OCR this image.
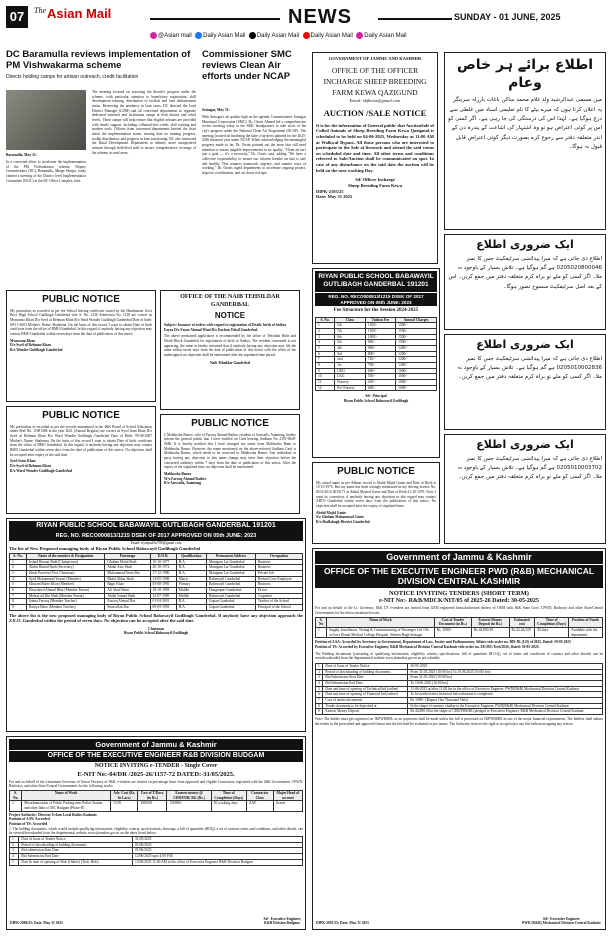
07	The Asian Mail	NEWS	SUNDAY - 01 JUNE, 2025
@Asian mail Daily Asian Mail Daily Asian Mail Daily Asian Mail Daily Asian Mail
DC Baramulla reviews implementation of PM Vishwakarma scheme
Directs holding camps for artisan outreach, credit facilitation
Baramulla, May 31:
In a concerted effort to accelerate the implementation of the PM Vishwakarma scheme, Deputy Commissioner (DC), Baramulla, Minga Sherpa, today chaired a meeting of the District level Implementation Committee (DLIC) at the DC Office Complex, here.
The meeting focused on assessing the district's progress under the scheme, with particular attention to beneficiary registration, skill development training, distribution of toolkits and loan disbursement status. Reviewing the pendency in loan cases, DC directed the Lead District Manager (LDM) and all concerned departments to organize dedicated outreach and facilitation camps at both district and tehsil levels. These camps will help ensure that eligible artisans are provided with timely support, including collateral-free credit, skill training and modern tools. Officers from concerned departments briefed the chair about the implementation status, sharing data on training progress, toolkit distribution, and progress in loan sanctioning. DC also instructed the Rural Development Department to identify more unregistered artisans through field-level staff to ensure comprehensive coverage of the scheme in rural areas.
Commissioner SMC reviews Clean Air efforts under NCAP
Srinagar, May 31:
With Srinagar's air quality high on the agenda, Commissioner, Srinagar Municipal Corporation (SMC), Dr. Owais Ahmed led a comprehensive review meeting today at the SMC headquarters to take stock of the city's progress under the National Clean Air Programme (NCAP). The meeting focused on finalizing the slate of projects planned for the 2025-2026 financial year under NCAP. While acknowledging the meaningful progress made so far, Dr. Owais pointed out the areas that still need attention to ensure tangible improvements in air quality. "Clean air isn't just a goal — it's a necessity," Dr. Owais said, adding "We have a collective responsibility to ensure our citizens breathe air that is safe and healthy. This requires teamwork, urgency, and smarter ways of working." Dr. Owais urged departments to accelerate ongoing project, improve coordination, and cut down red tape.
GOVERNMENT OF JAMMU AND KASHMIR
OFFICE OF THE OFFICER INCHARGE SHEEP BREEDING FARM KEWA QAZIGUND
Email: sbfkewa@gmail.com
AUCTION /SALE NOTICE
It is for the information of General public that AuctionSale of Culled Animals of Sheep Breeding Farm Kewa Qazigund is scheduled to be held on 04-06-2025, Wednesday at 11:00 AM at Walkwal Bypass. All those persons who are interested to participate in the Sale of livestock and attend the said venue on scheduled date and time. All other terms and conditions referred to Sale/Auction shall be communicated on spot. In case of any disturbance on the said date the auction will be held on the next working Day.
Sd/ Officer Incharge
Sheep Breeding Farm Kewa
DIPK-2103/25
Date: May 31 2025
اطلاع برائے ہر خاص وعام
میں مسمی عبدالرشید ولد غلام محمد ساکن باغات بارزلہ سرینگر یہ اعلان کرتا ہوں کہ میرے بیٹے کا نام تعلیمی اسناد میں غلطی سے درج ہوگیا ہے۔ لہٰذا اس کی درستگی کی جا رہی ہے۔ اگر کسی کو اس پر کوئی اعتراض ہو تو وہ اشتہار کی اشاعت کے پندرہ دن کے اندر متعلقہ دفتر سے رجوع کرے بصورت دیگر کوئی اعتراض قابل قبول نہ ہوگا۔
ایک ضروری اطلاع
اطلاع دی جاتی ہے کہ میرا پیدائشی سرٹیفکیٹ جس کا نمبر 0205020800046 ہے گم ہوگیا ہے۔ تلاش بسیار کے باوجود نہ ملا۔ اگر کسی کو ملے تو براہ کرم متعلقہ دفتر میں جمع کریں۔ اس کے بعد اصل سرٹیفکیٹ منسوخ تصور ہوگا۔
ایک ضروری اطلاع
اطلاع دی جاتی ہے کہ میرا پیدائشی سرٹیفکیٹ جس کا نمبر 0205010002836 ہے گم ہوگیا ہے۔ تلاش بسیار کے باوجود نہ ملا۔ اگر کسی کو ملے تو براہ کرم متعلقہ دفتر میں جمع کریں۔
ایک ضروری اطلاع
اطلاع دی جاتی ہے کہ میرا پیدائشی سرٹیفکیٹ جس کا نمبر 0205010003702 ہے گم ہوگیا ہے۔ تلاش بسیار کے باوجود نہ ملا۔ اگر کسی کو ملے تو براہ کرم متعلقہ دفتر میں جمع کریں۔
PUBLIC NOTICE
My particulars as recorded as per the School leaving certificate issued by the Headmaster Govt Boys High School Gutlibagh Ganderbal vide S. No. 1236 Admission No. 1128 are correct as Mymoona Khan D/o Syed ul Rehman Khan R/o Ward Wonder Gutlibagh Ganderbal Date of birth: 08-11-2003 Mother's Name: Shaheena. On the basis of this record I want to obtain Date of birth certificate from the office of BMO Ganderbal. In this regard, if anybody having any objection may contact BMO Ganderbal within seven days from the date of publication of this notice.
Mymoona Khan
D/o Syed ul Rehman Khan
R/o Wonder Gutlibagh Ganderbal
PUBLIC NOTICE
My particulars as recorded as per the records maintained in the J&K Board of School Education under Roll No. 11081386 in the year 2021 (Annual Regular) are correct as Syed Iram Khan D/o Syed ul Rehman Khan R/o Ward Wonder Gutlibagh Ganderbal Date of Birth: 09-08-2007 Mother's Name: Shaheena. On the basis of this record I want to obtain Date of birth certificate from the office of BMO Ganderbal. In this regard, if anybody having any objection may contact BMO Ganderbal within seven days from the date of publication of this notice. No objection shall be accepted after expiry of the said date.
Syed Iram Khan
D/o Syed ul Rehman Khan
R/o Ward Wonder Gutlibagh Ganderbal
OFFICE OF THE NAIB TEHSILDAR GANDERBAL
NOTICE
Subject: Issuance of orders with regard to registration of Death/ birth of Sadiya Fayaz D/o Fayaz Ahmad Wani R/o Kachan Tehsil Ganderbal.
The above mentioned application is recommended by the office of Tehsildar Birth and Death Block Ganderbal for registration of birth of Sadiya. The resident concerned is not appearing, the same in hereby informed that if anybody having any objection may file the same within seven days from the date of publication of this notice with the office of the undersigned, no objection shall be entertained after the stipulated time period.
Naib Tehsildar Ganderbal
PUBLIC NOTICE
I, Mahbooba Banoo, wife of Farooq Ahmad Rather, resident of Aarwalla, Anantnag, hereby inform the general public that I have entitled on Card bearing Aadhaar No 2391-9629-9286. It is hereby notified that I have changed my name from Mahbooba Bano to Mahbooba Banoo. However, the name mentioned on the above-referred Aadhaar Card is Mahbooba Banoo, which needs to be corrected to Mahbooba Banoo. Any individual or party having any objection to this name change may raise their objection before the concerned authority within 7 days from the date of publication of this notice. After the expiry of the stipulated time, no objection shall be entertained.
Mahbooba Banoo
W/o Farooq Ahmad Rather
R/o Aarwalla, Anantnag
RIYAN PUBLIC SCHOOL BABAWAYIL GUTLIBAGH GANDERBAL 191201
REG. NO. RECO000813/1215 DSEK OF 2017 APPROVED ON 05th JUNE: 2023
Fee Structure for the Session 2024-2025
S. No.	Class	Tuition Fee	Annual Charges
1	5th	1100/-	1500/-
2	7th	1100/-	1500/-
3	6th	1000/-	1500/-
4	5th	900/-	1500/-
5	4th	900/-	1200/-
6	3rd	800/-	1200/-
7	2nd	720/-	1200/-
8	1st	700/-	1200/-
9	UKG	600/-	1000/-
10	LKG	550/-	1000/-
11	Nursery	450/-	1000/-
12	Pre-Nursery	400/-	1000/-
Sd/- Principal
Riyan Public School Babawayil Gutlibagh
PUBLIC NOTICE
My actual name as per Adhaar record is Abdul Majid Ganie and Date of Birth is 15-10-1976. But my name has been wrongly mentioned in my driving licence No. JK16 2012 0015171 as Abdul Majeed Ganie and Date of Birth 21-10-1976. Now, I want its correction, if anybody having any objection in this regard may contact ARTO Ganderbal within seven days from the publication of this notice. No objection shall be accepted after the expiry of stipulated time.
Abdul Majid Ganie
S/o Ghulam Mohammad Ganie
R/o Shallabugh District Ganderbal
RIYAN PUBLIC SCHOOL BABAWAYIL GUTLIBAGH GANDERBAL 191201
REG. NO. RECO000813/1215 DSEK OF 2017 APPROVED ON 05th JUNE: 2023
Email: riyanpublic786@gmail.com
The list of New Proposed managing body of Riyan Public School Babawayil Gutlibagh Ganderbal
S. No.	Name of the member & Designation	Parentage	D.O.B.	Qualification	Permanent Address	Occupation
1	Irshad Hassan Shah (Chairperson)	Ghulam Mohd Shah	10-10-1977	H.A.	Manigam Lar Ganderbal	Business
2	Abdul Hamid Shah (Secretary)	Abdul Aziz Shah	20-10-1972	B.A.	Manigam Lar Ganderbal	Business
3	Ishrat Parveen (Vice Chairman)	Mohammad Amin Dar	17-12-1986	H.A.	Manigam Lar Ganderbal	Private Job
4	Syed Mohammad Yousuf (Member)	Mohd Akbar Shah	14-05-1969	Matric	Babawayil Ganderbal	Retired Govt Employee
5	Ghulam Rafee Khan (Member)	Bagir Khan	05-08-1995	Primary	Babawayil Ganderbal	Business
6	Khursheed Ahmad Bhat (Member Parent)	Ali Ahad Wani	18-10-1993	Middle	Dungerpuri Ganderbal	Driver
7	Mehraj ud Din Shah (Member Parent)	Abdul Samad Shah	12-07-1985	Middle	Babawayil Ganderbal	Carpenter
8	Saima Farooq (Member Teacher)	Farooq Ahmad Dar	01-04-2001	B.A.	Gopan Ganderbal	Teacher of the School
9	Rubiya Bano (Member Teacher)	Sona ullah Dar	09-09-1993	H.A.	Gopan Ganderbal	Principal of the School
The above list is the new proposed managing body of Riyan Public School Babawayil Gutlibagh Ganderbal. If anybody have any objection approach the Z.E.O. Ganderbal within the period of seven days. No objection can be accepted after the said date.
Chairman
Riyan Public School Babawayil Gutlibagh
Government of Jammu & Kashmir
OFFICE OF THE EXECUTIVE ENGINEER R&B DIVISION BUDGAM
NOTICE INVITING e-TENDER - Single Cover
E-NIT No:-04/DR /2025-26/1157-72 DATED:-31/05/2025.
For and on behalf of the Lieutenant Governor of Union Territory of J&K, e-tenders are invited on percentage basis from approved and eligible Contractors registered with the J&K Government, CPWD, Railways, and other State/Central Governments for the following works:
S. No.	Name of Work	Adv. Cost (Rs. In Lacs)	Cost of T/Docs. (in Rs.)	Earnest money @ CDR/FDR/ BG (Rs.)	Time of Completion (Days)	Contractor Class	Major Head of account
1	Macadamization of Public Parking near Police Station and other links of MC Budgam (Phase-II)	72.00	1000.00	150000/-	30 working days	AAY	Grants
Project Authority: Director Urban Local Bodies Kashmir.
Position of AAY: Accorded
Position of TS: Accorded
1. The bidding documents, which would include qualifying information, eligibility criteria, specifications, drawings, a bill of quantities (BOQ), a set of contract terms and conditions, and other details, can be viewed/downloaded from the departmental website www.jktenders.gov.in on the dates listed below:
1	Date of Issue of Tender Notice	31/05/2025
2	Period of downloading of bidding documents	01/06/2025
3	Bid submission Start Date	01/06/2025
4	Bid Submission End Date	12/06/2025 upto 4:00 P.M.
5	Date & time of opening of Bids (Online) (Tech. Bids)	13/06/2025 11:00 AM in the office of Executive Engineer R&B Division Budgam
DIPK-2086/25; Date: May 31 2025
Sd/- Executive Engineer,
R&B Division Budgam.
Government of Jammu & Kashmir
OFFICE OF THE EXECUTIVE ENGINEER PWD (R&B) MECHANICAL DIVISION CENTRAL KASHMIR
NOTICE INVITING TENDERS (SHORT TERM)
e-NIT No:- R&B/MDCK/NIT/05 of 2025-26 Dated: 30-05-2025
For and on behalf of the Lt. Governor, J&K UT e-tenders are invited from GEM registered firms/authorised dealers of OEM with J&K State Govt, CPWD, Railways and other State/Central Governments for the below mentioned work:
S. No	Name of Work	Cost of Tender Document (in Rs.)	Earnest Money Deposit (in Rs.)	Estimated cost	Time of Completion (Days)	Position of Funds
1	Supply, Installation, Testing & Commissioning of Passenger Lift 1No at Govt Dental Medical College Hospital, Shireen Bagh Srinagar	Rs. 1000/-	Rs.44,890.58	Rs.22,44,529	45 days	Available with the department
Position of AAA: Accorded by Secretary to Government, Department of Law, Justice and Parliamentary Affairs vide order no. 089-JK (LD) of 2025. Dated: 19-05-2025
Position of TS: Accorded by Executive Engineer, R&B Mechanical Division Central Kashmir vide order no. EE/MC/Tech/2026, Dated: 30-05-2025.
The Bidding documents (consisting of qualifying information, eligibility criteria, specifications, bill of quantities (B.O.Q), set of terms and conditions of contract and other details) can be seen/downloaded from the departmental website www.jktenders.gov.in as per schedule.
1	Date of Issue of Tender Notice	30-05-2025
2	Period of downloading of bidding documents	From 31.05.2025 (10:00 hrs) To 10.06.2025 (16:00 hrs)
3	Bid Submission Start Date	From 31.05.2025 (10:00 hrs)
4	Bid Submission End Date	To 10.06.2025 (16:00 hrs)
5	Date and time of opening of Technical bid (online)	11-06-2025 at/after 11:00 hrs in the office of Executive Engineer, PWD(R&B) Mechanical Division Central Kashmir
6	Date and time of opening of Financial bid (online)	To be notified after technical bid evaluation is completed.
7	Cost of tender documents	Rs 1000/- (Rupees One Thousand Only)
8	Tender document to be deposited at	In the shape of treasury challan to the Executive Engineer, PWD(R&B) Mechanical Division Central Kashmir
9	Earnest Money Deposit	Rs 44,890.58 in the shape of CDR/FDR/BG pledged to Executive Engineer, R&B Mechanical Division Central Kashmir
Note: The bidder must get registered on JKPWDMIS, as no payments shall be made unless the bill is processed on JKPWDMIS as one of the major financial requirements. The bidders shall submit the tender in the prescribed and approved format and the bid shall be evaluated as per norms. The Authority reserves the right to accept/reject any bid without assigning any reason.
DIPK-2091/25; Date: May 31 2025
Sd/- Executive Engineer
PWD (R&B) Mechanical Division Central Kashmir
